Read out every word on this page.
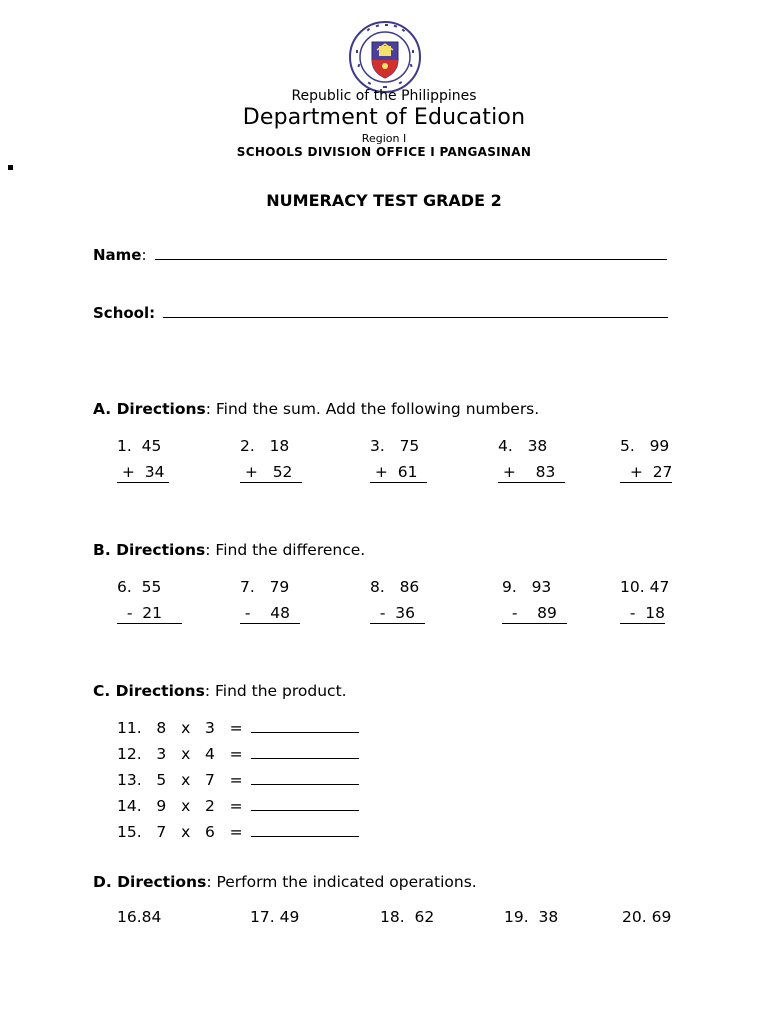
Republic of the Philippines
Department of Education
Region I
SCHOOLS DIVISION OFFICE I PANGASINAN
NUMERACY TEST GRADE 2
Name :
School:
A. Directions: Find the sum. Add the following numbers.
1.  45
+  34
2.   18
+   52
3.   75
+  61
4.   38
+    83
5.   99
+  27
B. Directions: Find the difference.
6.  55
-  21
7.   79
-    48
8.   86
-  36
9.   93
-    89
10. 47
-  18
C. Directions: Find the product.
11.   8   x   3   =
12.   3   x   4   =
13.   5   x   7   =
14.   9   x   2   =
15.   7   x   6   =
D. Directions: Perform the indicated operations.
16.84	17. 49	18.  62	19.  38	20. 69
